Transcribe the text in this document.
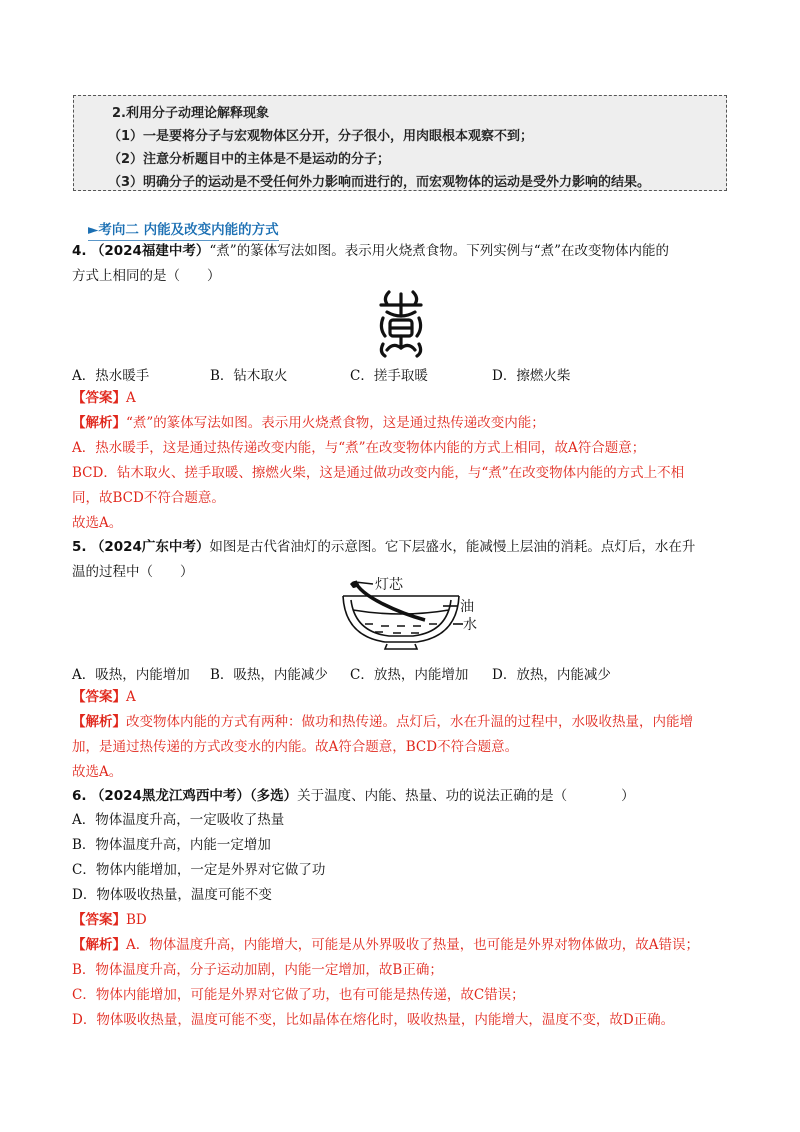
2.利用分子动理论解释现象
（1）一是要将分子与宏观物体区分开，分子很小，用肉眼根本观察不到；
（2）注意分析题目中的主体是不是运动的分子；
（3）明确分子的运动是不受任何外力影响而进行的，而宏观物体的运动是受外力影响的结果。
►考向二 内能及改变内能的方式
4. （2024福建中考）“煮”的篆体写法如图。表示用火烧煮食物。下列实例与“煮”在改变物体内能的
方式上相同的是（　　）
A．热水暖手	B．钻木取火	C．搓手取暖	D．擦燃火柴
【答案】A
【解析】“煮”的篆体写法如图。表示用火烧煮食物，这是通过热传递改变内能；
A．热水暖手，这是通过热传递改变内能，与“煮”在改变物体内能的方式上相同，故A符合题意；
BCD．钻木取火、搓手取暖、擦燃火柴，这是通过做功改变内能，与“煮”在改变物体内能的方式上不相
同，故BCD不符合题意。
故选A。
5. （2024广东中考）如图是古代省油灯的示意图。它下层盛水，能减慢上层油的消耗。点灯后，水在升
温的过程中（　　）
灯芯
油
水
A．吸热，内能增加 B．吸热，内能减少 C．放热，内能增加 D．放热，内能减少
【答案】A
【解析】改变物体内能的方式有两种：做功和热传递。点灯后，水在升温的过程中，水吸收热量，内能增
加，是通过热传递的方式改变水的内能。故A符合题意，BCD不符合题意。
故选A。
6. （2024黑龙江鸡西中考）（多选）关于温度、内能、热量、功的说法正确的是（　　　　）
A．物体温度升高，一定吸收了热量
B．物体温度升高，内能一定增加
C．物体内能增加，一定是外界对它做了功
D．物体吸收热量，温度可能不变
【答案】BD
【解析】A．物体温度升高，内能增大，可能是从外界吸收了热量，也可能是外界对物体做功，故A错误；
B．物体温度升高，分子运动加剧，内能一定增加，故B正确；
C．物体内能增加，可能是外界对它做了功，也有可能是热传递，故C错误；
D．物体吸收热量，温度可能不变，比如晶体在熔化时，吸收热量，内能增大，温度不变，故D正确。
